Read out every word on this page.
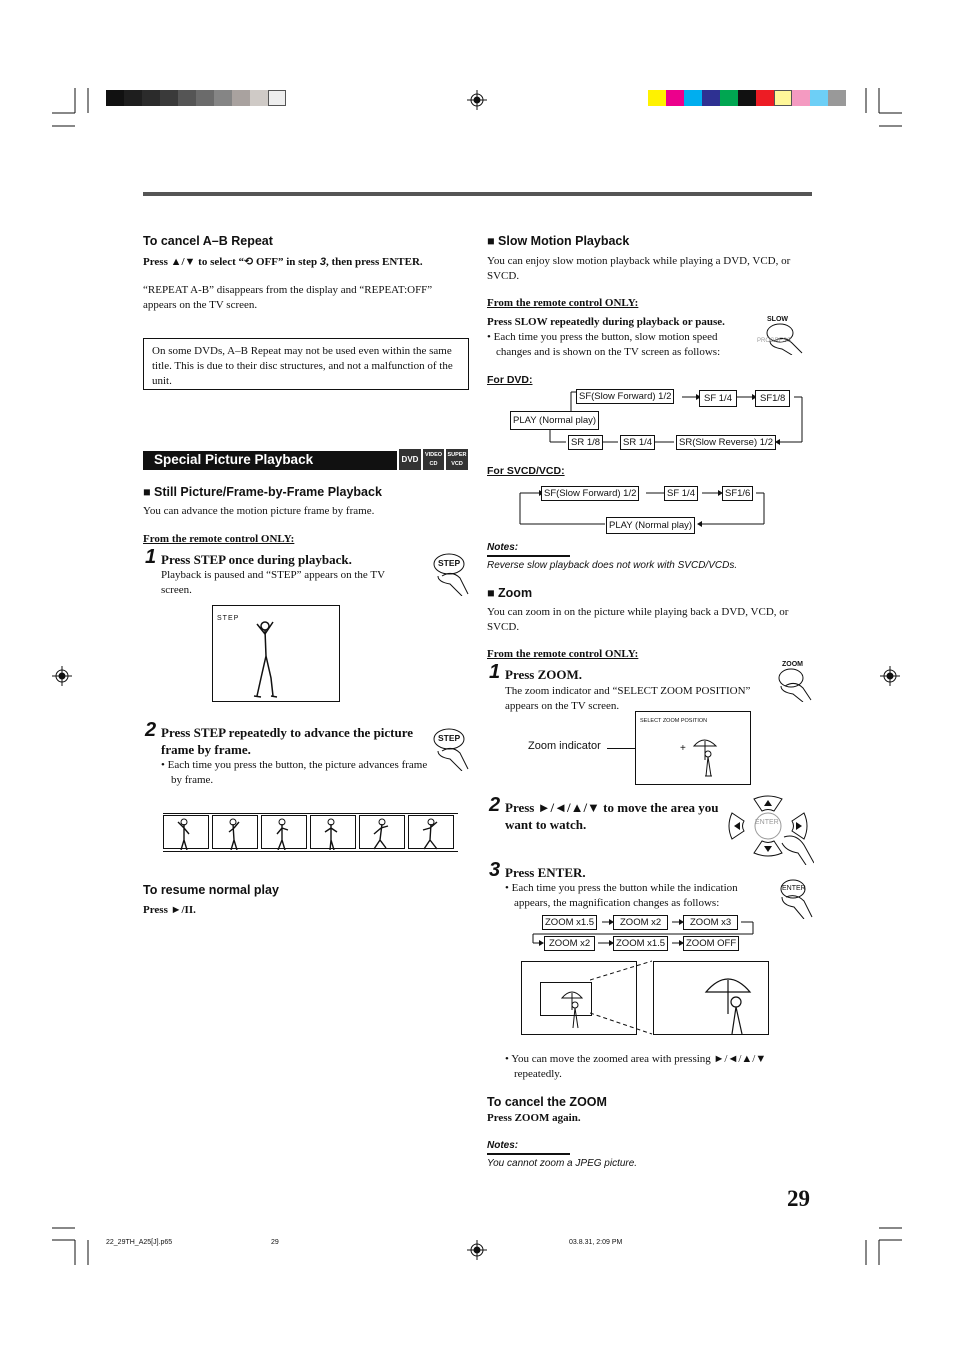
To cancel A–B Repeat
Press ▲/▼ to select “⟲ OFF” in step 3, then press ENTER.
“REPEAT A-B” disappears from the display and “REPEAT:OFF” appears on the TV screen.
On some DVDs, A–B Repeat may not be used even within the same title. This is due to their disc structures, and not a malfunction of the unit.
Special Picture Playback	DVD	VIDEO CD
SUPER VCD
■ Still Picture/Frame-by-Frame Playback
You can advance the motion picture frame by frame.
From the remote control ONLY:
1 Press STEP once during playback.
Playback is paused and “STEP” appears on the TV screen.
STEP
STEP
2 Press STEP repeatedly to advance the picture frame by frame.
• Each time you press the button, the picture advances frame by frame.
STEP
To resume normal play
Press ►/II.
■ Slow Motion Playback
You can enjoy slow motion playback while playing a DVD, VCD, or SVCD.
From the remote control ONLY:
Press SLOW repeatedly during playback or pause.
• Each time you press the button, slow motion speed changes and is shown on the TV screen as follows:
SLOW
PROGRESS
For DVD:
SF(Slow Forward) 1/2	SF 1/4	SF1/8
PLAY (Normal play)
SR 1/8	SR 1/4	SR(Slow Reverse) 1/2
For SVCD/VCD:
SF(Slow Forward) 1/2	SF 1/4	SF1/6
PLAY (Normal play)
Notes:
Reverse slow playback does not work with SVCD/VCDs.
■ Zoom
You can zoom in on the picture while playing back a DVD, VCD, or SVCD.
From the remote control ONLY:
1 Press ZOOM.
The zoom indicator and “SELECT ZOOM POSITION” appears on the TV screen.
ZOOM
Zoom indicator
SELECT ZOOM POSITION
+
2 Press ►/◄/▲/▼ to move the area you want to watch.	ENTER
3 Press ENTER.
• Each time you press the button while the indication appears, the magnification changes as follows:
ENTER
ZOOM x1.5	ZOOM x2	ZOOM x3
ZOOM x2	ZOOM x1.5	ZOOM OFF
• You can move the zoomed area with pressing ►/◄/▲/▼ repeatedly.
To cancel the ZOOM
Press ZOOM again.
Notes:
You cannot zoom a JPEG picture.
29
22_29TH_A25[J].p65	29	03.8.31, 2:09 PM
